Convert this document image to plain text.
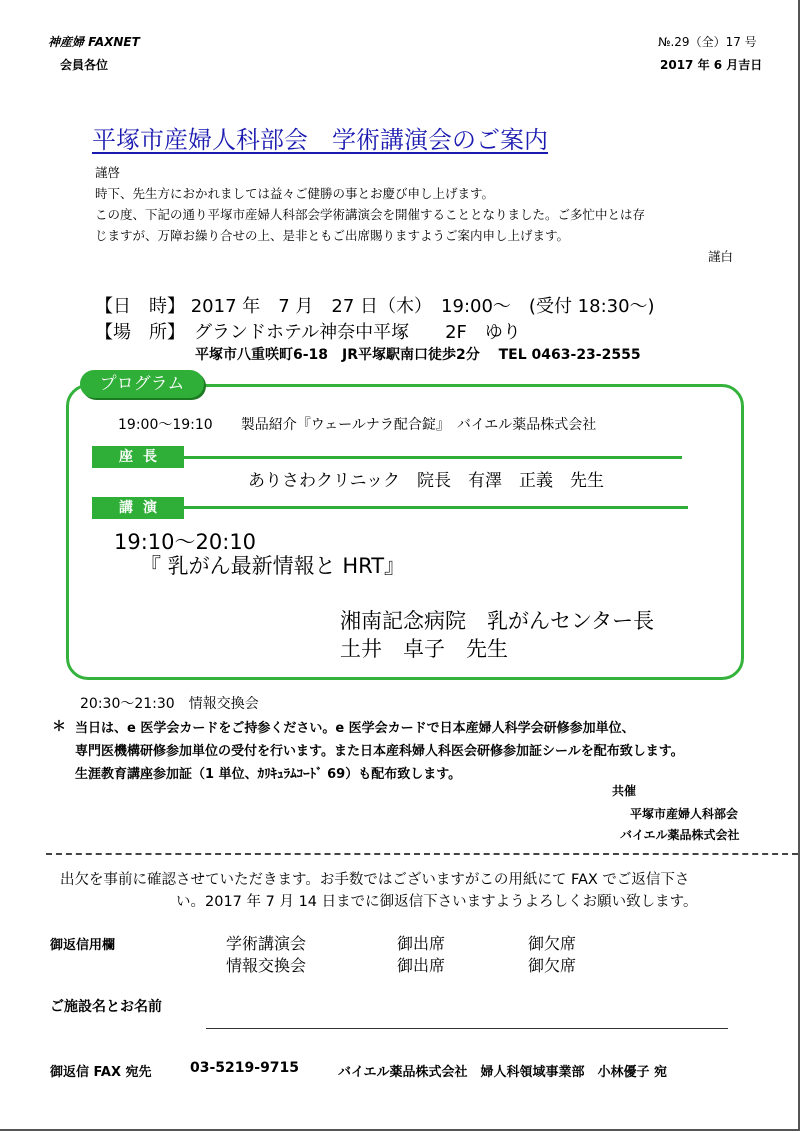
神産婦 FAXNET
会員各位
№.29（全）17 号
2017 年 6 月吉日
平塚市産婦人科部会　学術講演会のご案内
謹啓
時下、先生方におかれましては益々ご健勝の事とお慶び申し上げます。
この度、下記の通り平塚市産婦人科部会学術講演会を開催することとなりました。ご多忙中とは存
じますが、万障お繰り合せの上、是非ともご出席賜りますようご案内申し上げます。
謹白
【日　時】 2017 年　7 月　27 日（木）　19:00～　(受付 18:30～)
【場　所】　グランドホテル神奈中平塚　　2F　ゆり
平塚市八重咲町6-18　JR平塚駅南口徒歩2分　 TEL 0463-23-2555
プログラム
19:00～19:10　　製品紹介『ウェールナラ配合錠』　バイエル薬品株式会社
座長
ありさわクリニック　院長　有澤　正義　先生
講演
19:10～20:10
『 乳がん最新情報と HRT』
湘南記念病院　乳がんセンター長
土井　卓子　先生
20:30～21:30　情報交換会
＊ 当日は、e 医学会カードをご持参ください。e 医学会カードで日本産婦人科学会研修参加単位、
専門医機構研修参加単位の受付を行います。また日本産科婦人科医会研修参加証シールを配布致します。
生涯教育講座参加証（1 単位、ｶﾘｷｭﾗﾑｺｰﾄﾞ 69）も配布致します。
共催
平塚市産婦人科部会
バイエル薬品株式会社
出欠を事前に確認させていただきます。お手数ではございますがこの用紙にて FAX でご返信下さ
い。2017 年 7 月 14 日までに御返信下さいますようよろしくお願い致します。
御返信用欄	学術講演会	御出席	御欠席
情報交換会	御出席	御欠席
ご施設名とお名前
御返信 FAX 宛先	03-5219-9715	バイエル薬品株式会社　婦人科領域事業部　小林優子 宛
